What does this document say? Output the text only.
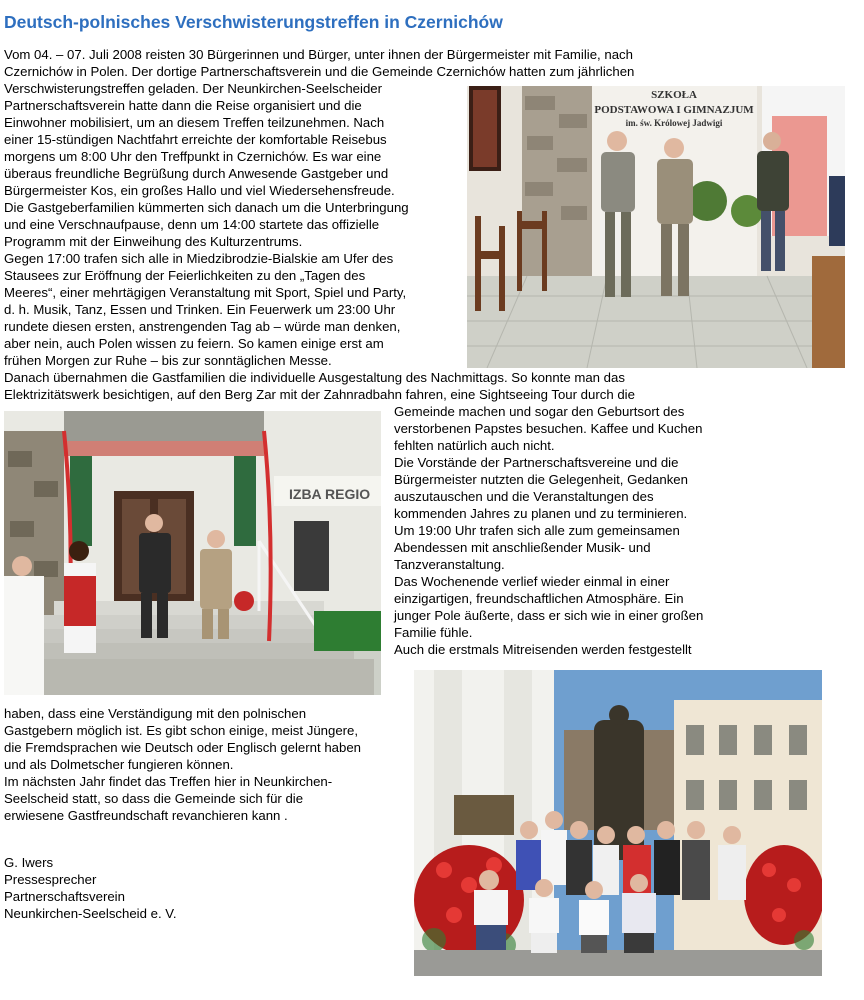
Deutsch-polnisches Verschwisterungstreffen in Czernichów
Vom 04. – 07. Juli 2008 reisten 30 Bürgerinnen und Bürger, unter ihnen der Bürgermeister mit Familie, nach
Czernichów in Polen. Der dortige Partnerschaftsverein und die Gemeinde Czernichów hatten zum jährlichen
Verschwisterungstreffen geladen. Der Neunkirchen-Seelscheider
Partnerschaftsverein hatte dann die Reise organisiert und die
Einwohner mobilisiert, um an diesem Treffen teilzunehmen. Nach
einer 15-stündigen Nachtfahrt erreichte der komfortable Reisebus
morgens um 8:00 Uhr den Treffpunkt in Czernichów. Es war eine
überaus freundliche Begrüßung durch Anwesende Gastgeber und
Bürgermeister Kos, ein großes Hallo und viel Wiedersehensfreude.
Die Gastgeberfamilien kümmerten sich danach um die Unterbringung
und eine Verschnaufpause, denn um 14:00 startete das offizielle
Programm mit der Einweihung des Kulturzentrums.
Gegen 17:00 trafen sich alle in Miedzibrodzie-Bialskie am Ufer des
Stausees zur Eröffnung der Feierlichkeiten zu den „Tagen des
Meeres“, einer mehrtägigen Veranstaltung mit Sport, Spiel und Party,
d. h. Musik, Tanz, Essen und Trinken. Ein Feuerwerk um 23:00 Uhr
rundete diesen ersten, anstrengenden Tag ab – würde man denken,
aber nein, auch Polen wissen zu feiern. So kamen einige erst am
frühen Morgen zur Ruhe – bis zur sonntäglichen Messe.
Danach übernahmen die Gastfamilien die individuelle Ausgestaltung des Nachmittags. So konnte man das
Elektrizitätswerk besichtigen, auf den Berg Zar mit der Zahnradbahn fahren, eine Sightseeing Tour durch die
Gemeinde machen und sogar den Geburtsort des
verstorbenen Papstes besuchen. Kaffee und Kuchen
fehlten natürlich auch nicht.
Die Vorstände der Partnerschaftsvereine und die
Bürgermeister nutzten die Gelegenheit, Gedanken
auszutauschen und die Veranstaltungen des
kommenden Jahres zu planen und zu terminieren.
Um 19:00 Uhr trafen sich alle zum gemeinsamen
Abendessen mit anschließender Musik- und
Tanzveranstaltung.
Das Wochenende verlief wieder einmal in einer
einzigartigen, freundschaftlichen Atmosphäre. Ein
junger Pole äußerte, dass er sich wie in einer großen
Familie fühle.
Auch die erstmals Mitreisenden werden festgestellt
haben, dass eine Verständigung mit den polnischen
Gastgebern möglich ist. Es gibt schon einige, meist Jüngere,
die Fremdsprachen wie Deutsch oder Englisch gelernt haben
und als Dolmetscher fungieren können.
Im nächsten Jahr findet das Treffen hier in Neunkirchen-
Seelscheid statt, so dass die Gemeinde sich für die
erwiesene Gastfreundschaft revanchieren kann .
G. Iwers
Pressesprecher
Partnerschaftsverein
Neunkirchen-Seelscheid e. V.
SZKOŁA
PODSTAWOWA I GIMNAZJUM
im. św. Królowej Jadwigi
IZBA REGIO
